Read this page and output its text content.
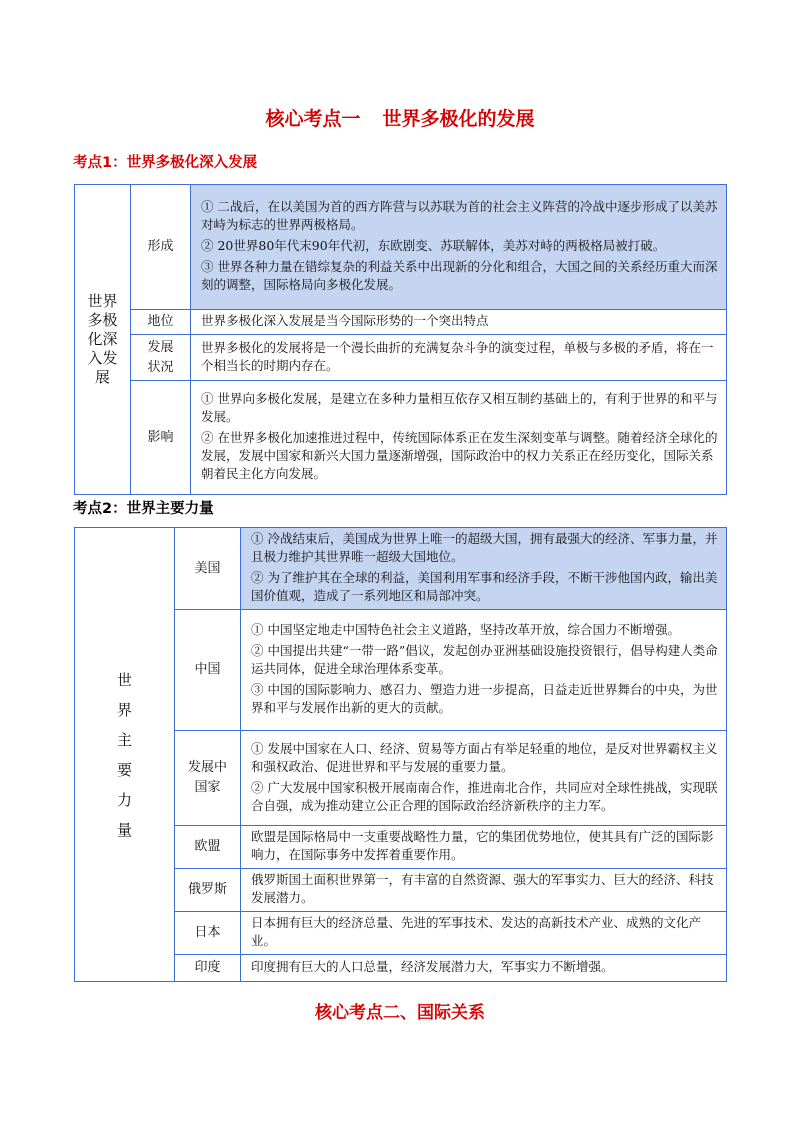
核心考点一 世界多极化的发展
考点1：世界多极化深入发展
世界多极化深入发展	形成	① 二战后，在以美国为首的西方阵营与以苏联为首的社会主义阵营的冷战中逐步形成了以美苏对峙为标志的世界两极格局。

② 20世界80年代末90年代初，东欧剧变、苏联解体，美苏对峙的两极格局被打破。

③ 世界各种力量在错综复杂的利益关系中出现新的分化和组合，大国之间的关系经历重大而深刻的调整，国际格局向多极化发展。

	地位	世界多极化深入发展是当今国际形势的一个突出特点

	发展状况	世界多极化的发展将是一个漫长曲折的充满复杂斗争的演变过程，单极与多极的矛盾，将在一个相当长的时期内存在。

	影响	① 世界向多极化发展，是建立在多种力量相互依存又相互制约基础上的，有利于世界的和平与发展。

② 在世界多极化加速推进过程中，传统国际体系正在发生深刻变革与调整。随着经济全球化的发展，发展中国家和新兴大国力量逐渐增强，国际政治中的权力关系正在经历变化，国际关系朝着民主化方向发展。

考点2：世界主要力量
世界主要力量	美国	① 冷战结束后，美国成为世界上唯一的超级大国，拥有最强大的经济、军事力量，并且极力维护其世界唯一超级大国地位。

② 为了维护其在全球的利益，美国利用军事和经济手段，不断干涉他国内政，输出美国价值观，造成了一系列地区和局部冲突。

	中国	① 中国坚定地走中国特色社会主义道路，坚持改革开放，综合国力不断增强。

② 中国提出共建“一带一路”倡议，发起创办亚洲基础设施投资银行，倡导构建人类命运共同体，促进全球治理体系变革。

③ 中国的国际影响力、感召力、塑造力进一步提高，日益走近世界舞台的中央，为世界和平与发展作出新的更大的贡献。

	发展中国家	① 发展中国家在人口、经济、贸易等方面占有举足轻重的地位，是反对世界霸权主义和强权政治、促进世界和平与发展的重要力量。

② 广大发展中国家积极开展南南合作，推进南北合作，共同应对全球性挑战，实现联合自强，成为推动建立公正合理的国际政治经济新秩序的主力军。

	欧盟	欧盟是国际格局中一支重要战略性力量，它的集团优势地位，使其具有广泛的国际影响力，在国际事务中发挥着重要作用。

	俄罗斯	俄罗斯国土面积世界第一，有丰富的自然资源、强大的军事实力、巨大的经济、科技发展潜力。

	日本	日本拥有巨大的经济总量、先进的军事技术、发达的高新技术产业、成熟的文化产业。

	印度	印度拥有巨大的人口总量，经济发展潜力大，军事实力不断增强。

核心考点二、国际关系
